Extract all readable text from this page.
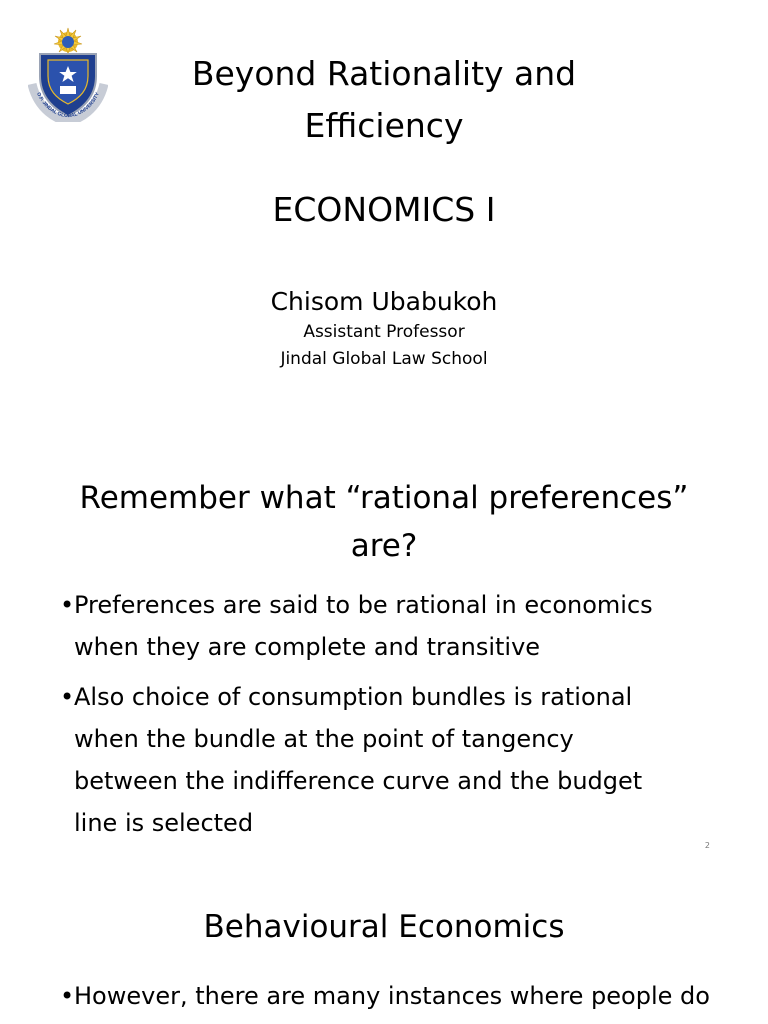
O.P. JINDAL GLOBAL UNIVERSITY
Beyond Rationality and
Efficiency
ECONOMICS I
Chisom Ubabukoh
Assistant Professor
Jindal Global Law School
Remember what “rational preferences”
are?
• Preferences are said to be rational in economics
when they are complete and transitive
• Also choice of consumption bundles is rational
when the bundle at the point of tangency
between the indifference curve and the budget
line is selected
2
Behavioural Economics
• However, there are many instances where people do
